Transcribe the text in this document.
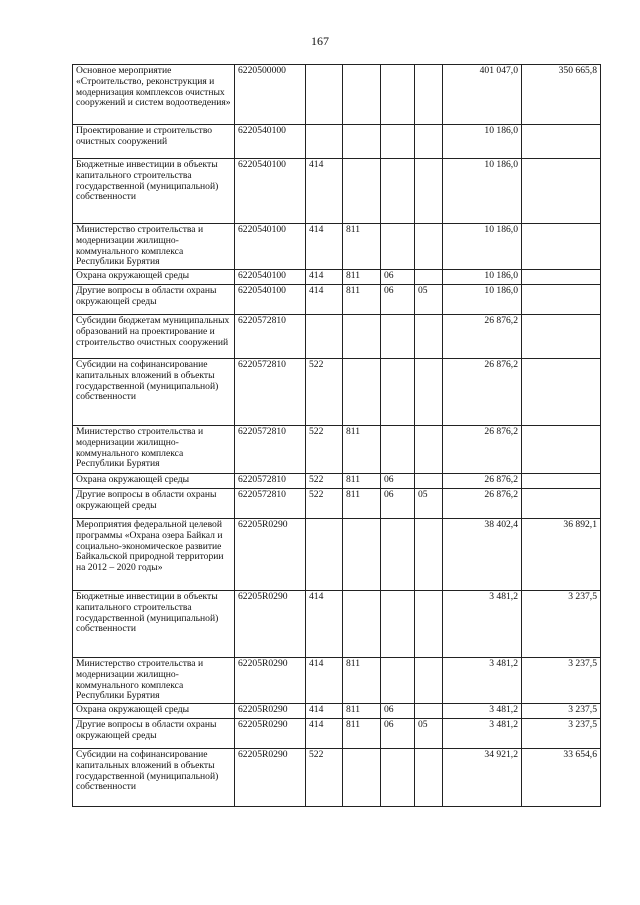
167
Основное мероприятие «Строительство, реконструкция и модернизация комплексов очистных сооружений и систем водоотведения»	6220500000					401 047,0	350 665,8
Проектирование и строительство очистных сооружений	6220540100					10 186,0	
Бюджетные инвестиции в объекты капитального строительства государственной (муниципальной) собственности	6220540100	414				10 186,0	
Министерство строительства и модернизации жилищно-коммунального комплекса Республики Бурятия	6220540100	414	811			10 186,0	
Охрана окружающей среды	6220540100	414	811	06		10 186,0	
Другие вопросы в области охраны окружающей среды	6220540100	414	811	06	05	10 186,0	
Субсидии бюджетам муниципальных образований на проектирование и строительство очистных сооружений	6220572810					26 876,2	
Субсидии на софинансирование капитальных вложений в объекты государственной (муниципальной) собственности	6220572810	522				26 876,2	
Министерство строительства и модернизации жилищно-коммунального комплекса Республики Бурятия	6220572810	522	811			26 876,2	
Охрана окружающей среды	6220572810	522	811	06		26 876,2	
Другие вопросы в области охраны окружающей среды	6220572810	522	811	06	05	26 876,2	
Мероприятия федеральной целевой программы «Охрана озера Байкал и социально-экономическое развитие Байкальской природной территории на 2012 – 2020 годы»	62205R0290					38 402,4	36 892,1
Бюджетные инвестиции в объекты капитального строительства государственной (муниципальной) собственности	62205R0290	414				3 481,2	3 237,5
Министерство строительства и модернизации жилищно-коммунального комплекса Республики Бурятия	62205R0290	414	811			3 481,2	3 237,5
Охрана окружающей среды	62205R0290	414	811	06		3 481,2	3 237,5
Другие вопросы в области охраны окружающей среды	62205R0290	414	811	06	05	3 481,2	3 237,5
Субсидии на софинансирование капитальных вложений в объекты государственной (муниципальной) собственности	62205R0290	522				34 921,2	33 654,6
